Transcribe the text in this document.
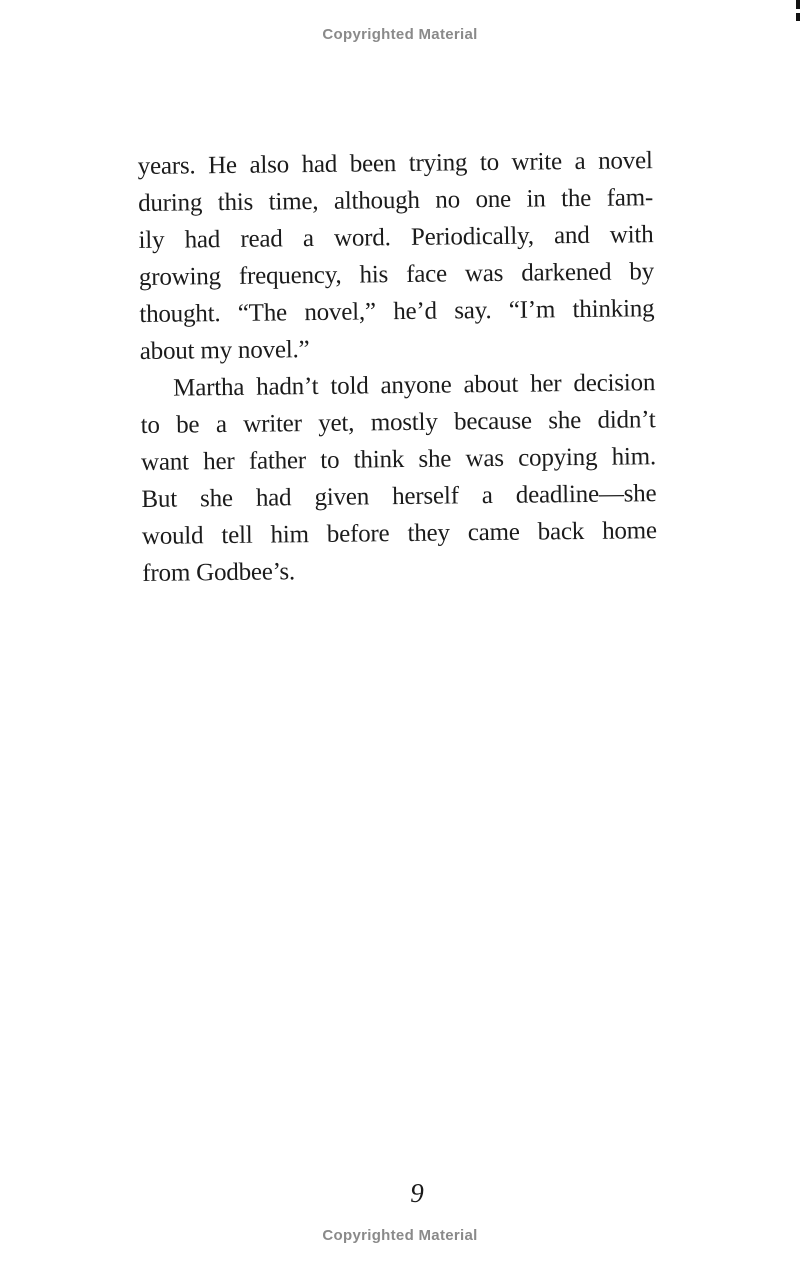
Copyrighted Material
years. He also had been trying to write a novel
during this time, although no one in the fam-
ily had read a word. Periodically, and with
growing frequency, his face was darkened by
thought. “The novel,” he’d say. “I’m thinking
about my novel.”
Martha hadn’t told anyone about her decision
to be a writer yet, mostly because she didn’t
want her father to think she was copying him.
But she had given herself a deadline—she
would tell him before they came back home
from Godbee’s.
9
Copyrighted Material
